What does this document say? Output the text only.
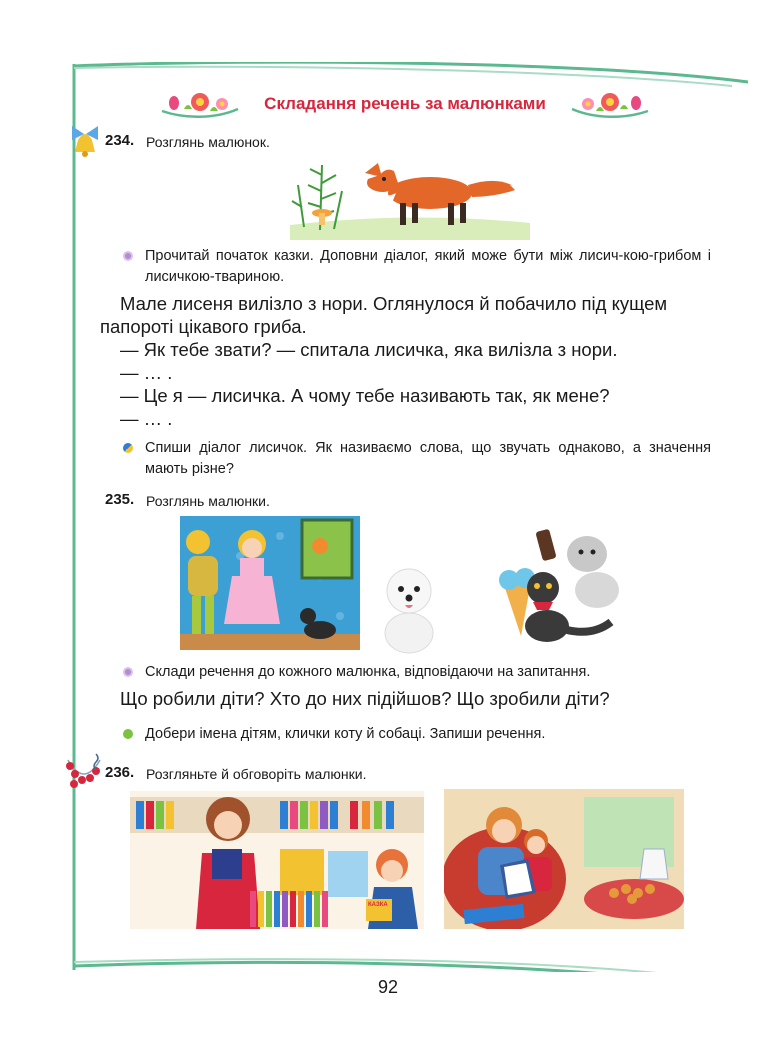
Складання речень за малюнками
234. Розглянь малюнок.
Прочитай початок казки. Доповни діалог, який може бути між лисич-кою-грибом і лисичкою-твариною.
Мале лисеня вилізло з нори. Оглянулося й побачило під кущем
папороті цікавого гриба.
— Як тебе звати? — спитала лисичка, яка вилізла з нори.
— … .
— Це я — лисичка. А чому тебе називають так, як мене?
— … .
Спиши діалог лисичок. Як називаємо слова, що звучать однаково, а значення мають різне?
235. Розглянь малюнки.
Склади речення до кожного малюнка, відповідаючи на запитання.
Що робили діти? Хто до них підійшов? Що зробили діти?
Добери імена дітям, клички коту й собаці. Запиши речення.
236. Розгляньте й обговоріть малюнки.
КАЗКА
92
